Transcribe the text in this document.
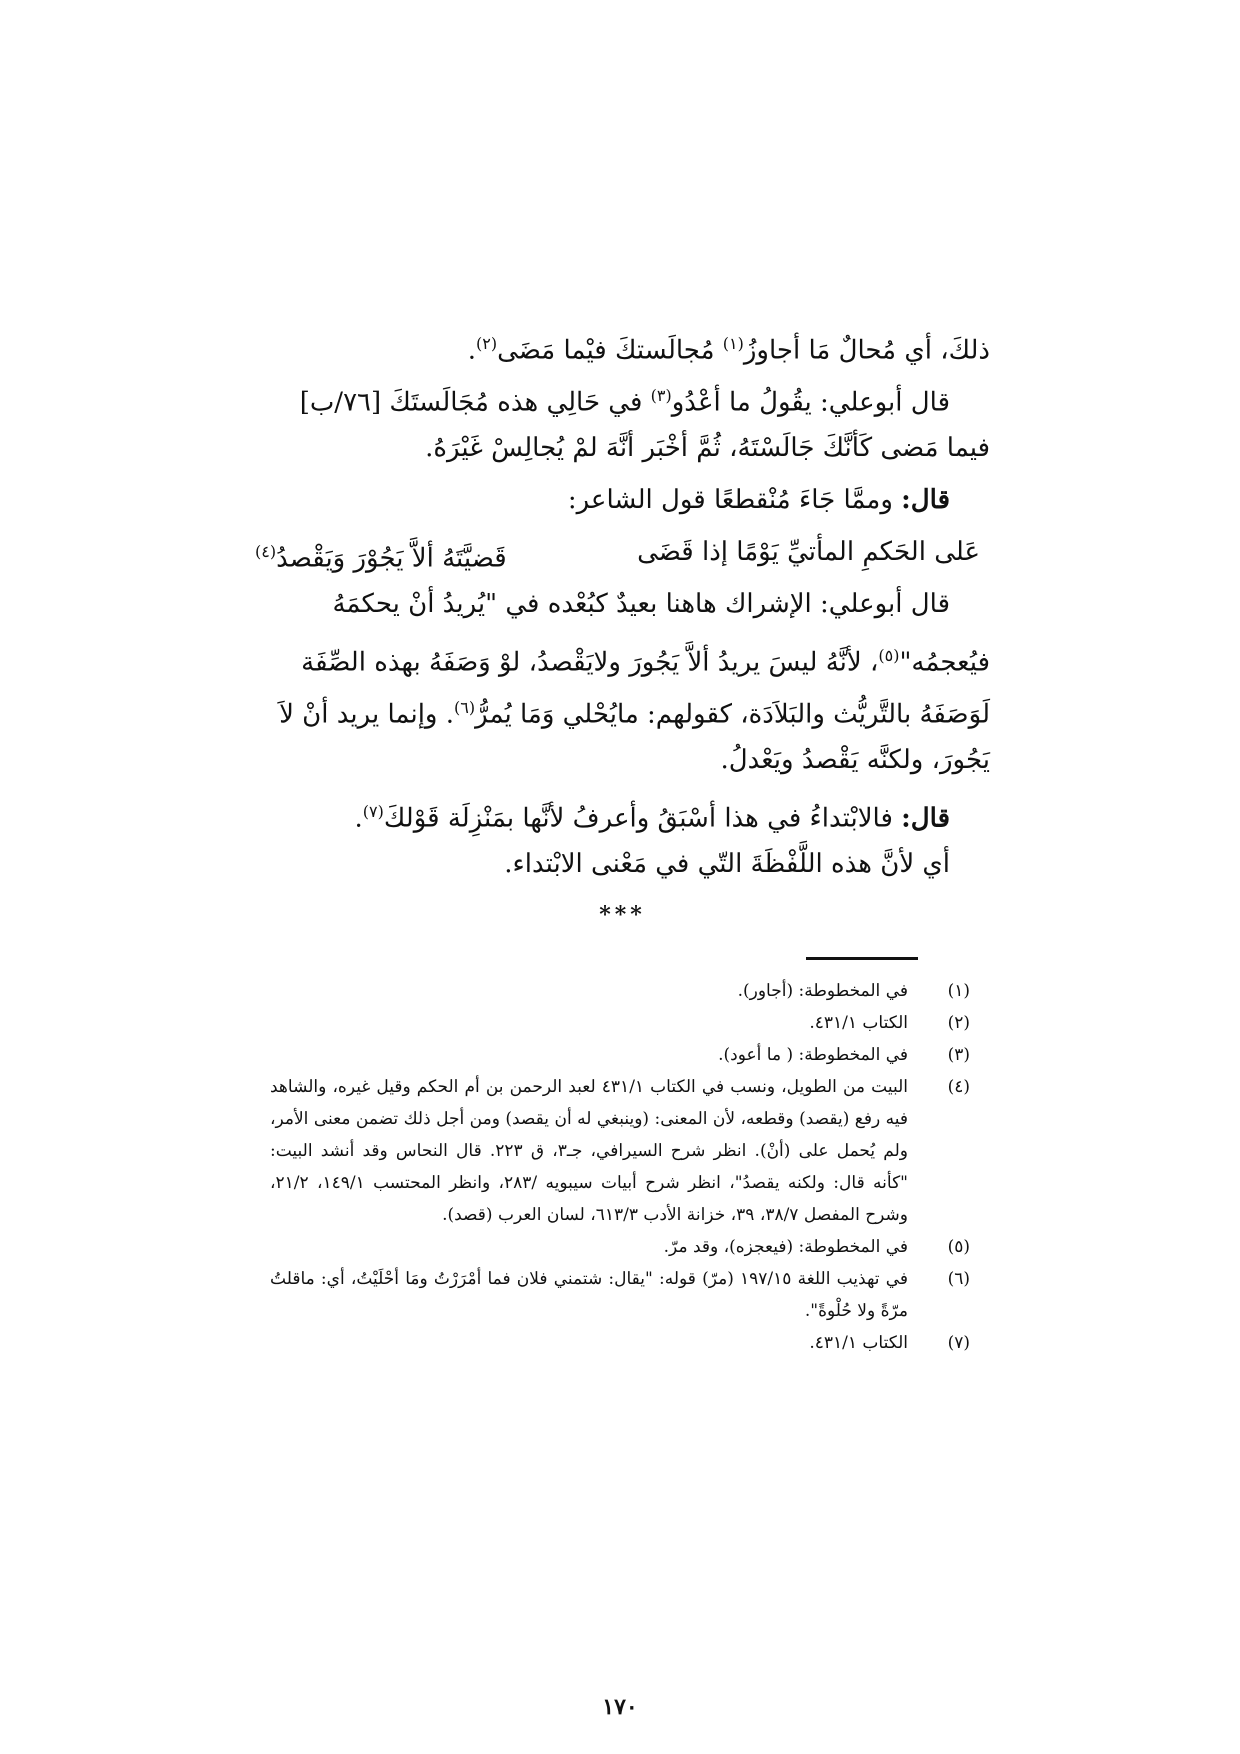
ذلكَ، أي مُحالٌ مَا أجاوزُ$^{(١)}$ مُجالَستكَ فيْما مَضَى$^{(٢)}$.
قال أبوعلي: يقُولُ ما أعْدُو$^{(٣)}$ في حَالِي هذه مُجَالَستَكَ [٧٦/ب]
فيما مَضى كَأنَّكَ جَالَسْتَهُ، ثُمَّ أخْبَر أنَّهَ لمْ يُجالِسْ غَيْرَهُ.
قال: وممَّا جَاءَ مُنْقطعًا قول الشاعر:
عَلى الحَكمِ المأتيِّ يَوْمًا إذا قَضَى
قَضيَّتَهُ ألاَّ يَجُوْرَ وَيَقْصدُ$^{(٤)}$
قال أبوعلي: الإشراك هاهنا بعيدٌ كبُعْده في "يُريدُ أنْ يحكمَهُ
فيُعجمُه"$^{(٥)}$، لأنَّهُ ليسَ يريدُ ألاَّ يَجُورَ ولايَقْصدُ، لوْ وَصَفَهُ بهذه الصِّفَة
لَوَصَفَهُ بالتَّريُّث والبَلاَدَة، كقولهم: مايُحْلي وَمَا يُمرُّ$^{(٦)}$. وإنما يريد أنْ لاَ
يَجُورَ، ولكنَّه يَقْصدُ ويَعْدلُ.
قال: فالابْتداءُ في هذا أسْبَقُ وأعرفُ لأنَّها بمَنْزِلَة قَوْلكَ$^{(٧)}$.
أي لأنَّ هذه اللَّفْظَةَ التّي في مَعْنى الابْتداء.
***
(١)
في المخطوطة: (أجاور).
(٢)
الكتاب ٤٣١/١.
(٣)
في المخطوطة: ( ما أعود).
(٤)
البيت من الطويل، ونسب في الكتاب ٤٣١/١ لعبد الرحمن بن أم الحكم وقيل غيره، والشاهد فيه رفع (يقصد) وقطعه، لأن المعنى: (وينبغي له أن يقصد) ومن أجل ذلك تضمن معنى الأمر، ولم يُحمل على (أنْ). انظر شرح السيرافي، جـ٣، ق ٢٢٣. قال النحاس وقد أنشد البيت: "كأنه قال: ولكنه يقصدُ"، انظر شرح أبيات سيبويه /٢٨٣، وانظر المحتسب ١٤٩/١، ٢١/٢، وشرح المفصل ٣٨/٧، ٣٩، خزانة الأدب ٦١٣/٣، لسان العرب (قصد).
(٥)
في المخطوطة: (فيعجزه)، وقد مرّ.
(٦)
في تهذيب اللغة ١٩٧/١٥ (مرّ) قوله: "يقال: شتمني فلان فما أمْرَرْتُ ومَا أحْلَيْتُ، أي: ماقلتُ مرّةً ولا حُلْوةً".
(٧)
الكتاب ٤٣١/١.
١٧٠
